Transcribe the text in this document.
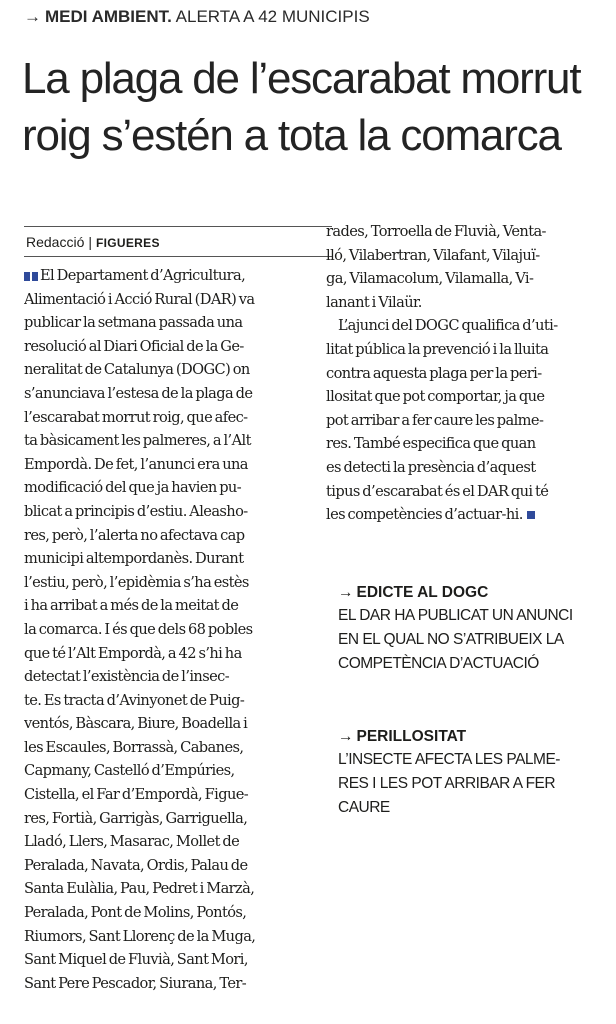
→ MEDI AMBIENT. ALERTA A 42 MUNICIPIS
La plaga de l’escarabat morrut
roig s’estén a tota la comarca
Redacció | FIGUERES
El Departament d’Agricultura,
Alimentació i Acció Rural (DAR) va
publicar la setmana passada una
resolució al Diari Oficial de la Ge-
neralitat de Catalunya (DOGC) on
s’anunciava l’estesa de la plaga de
l’escarabat morrut roig, que afec-
ta bàsicament les palmeres, a l’Alt
Empordà. De fet, l’anunci era una
modificació del que ja havien pu-
blicat a principis d’estiu. Aleasho-
res, però, l’alerta no afectava cap
municipi altempordanès. Durant
l’estiu, però, l’epidèmia s’ha estès
i ha arribat a més de la meitat de
la comarca. I és que dels 68 pobles
que té l’Alt Empordà, a 42 s’hi ha
detectat l’existència de l’insec-
te. Es tracta d’Avinyonet de Puig-
ventós, Bàscara, Biure, Boadella i
les Escaules, Borrassà, Cabanes,
Capmany, Castelló d’Empúries,
Cistella, el Far d’Empordà, Figue-
res, Fortià, Garrigàs, Garriguella,
Lladó, Llers, Masarac, Mollet de
Peralada, Navata, Ordis, Palau de
Santa Eulàlia, Pau, Pedret i Marzà,
Peralada, Pont de Molins, Pontós,
Riumors, Sant Llorenç de la Muga,
Sant Miquel de Fluvià, Sant Mori,
Sant Pere Pescador, Siurana, Ter-
rades, Torroella de Fluvià, Venta-
lló, Vilabertran, Vilafant, Vilajuï-
ga, Vilamacolum, Vilamalla, Vi-
lanant i Vilaür.
L’ajunci del DOGC qualifica d’uti-
litat pública la prevenció i la lluita
contra aquesta plaga per la peri-
llositat que pot comportar, ja que
pot arribar a fer caure les palme-
res. També especifica que quan
es detecti la presència d’aquest
tipus d’escarabat és el DAR qui té
les competències d’actuar-hi.
→ EDICTE AL DOGC
EL DAR HA PUBLICAT UN ANUNCI
EN EL QUAL NO S’ATRIBUEIX LA
COMPETÈNCIA D’ACTUACIÓ
→ PERILLOSITAT
L’INSECTE AFECTA LES PALME-
RES I LES POT ARRIBAR A FER
CAURE
